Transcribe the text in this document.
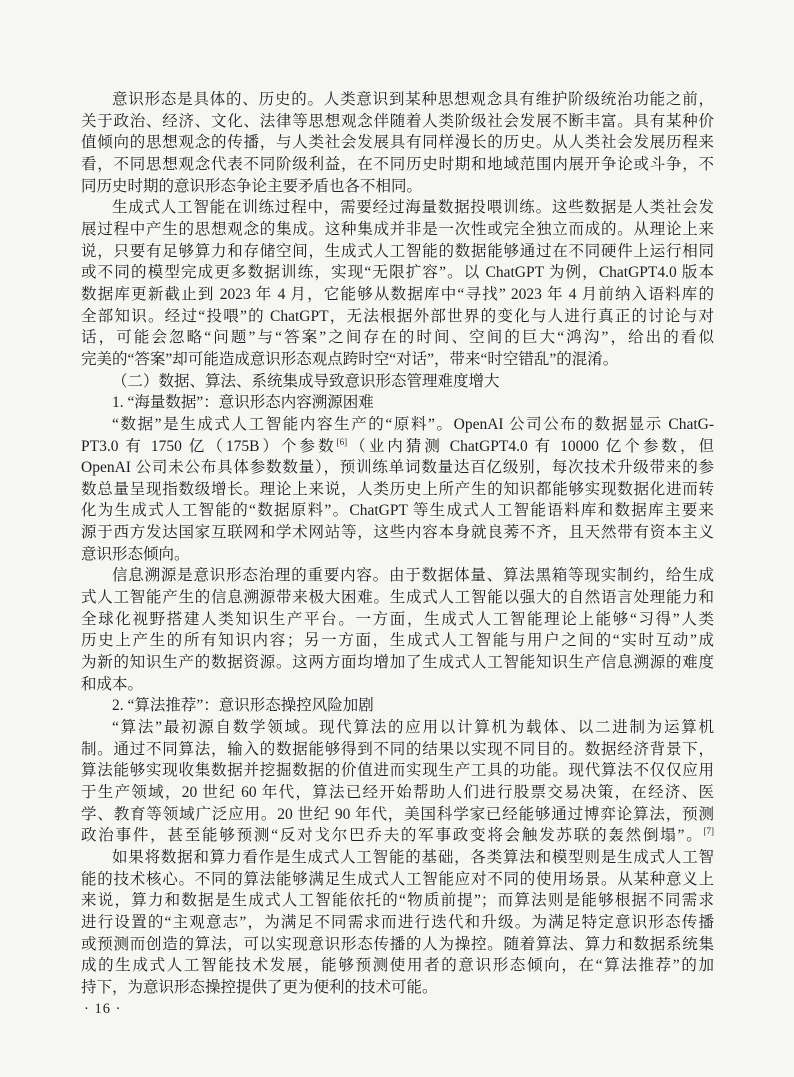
意识形态是具体的、历史的。人类意识到某种思想观念具有维护阶级统治功能之前，
关于政治、经济、文化、法律等思想观念伴随着人类阶级社会发展不断丰富。具有某种价
值倾向的思想观念的传播，与人类社会发展具有同样漫长的历史。从人类社会发展历程来
看，不同思想观念代表不同阶级利益，在不同历史时期和地域范围内展开争论或斗争，不
同历史时期的意识形态争论主要矛盾也各不相同。
生成式人工智能在训练过程中，需要经过海量数据投喂训练。这些数据是人类社会发
展过程中产生的思想观念的集成。这种集成并非是一次性或完全独立而成的。从理论上来
说，只要有足够算力和存储空间，生成式人工智能的数据能够通过在不同硬件上运行相同
或不同的模型完成更多数据训练，实现“无限扩容”。以 ChatGPT 为例，ChatGPT4.0 版本
数据库更新截止到 2023 年 4 月，它能够从数据库中“寻找” 2023 年 4 月前纳入语料库的
全部知识。经过“投喂”的 ChatGPT，无法根据外部世界的变化与人进行真正的讨论与对
话，可能会忽略“问题”与“答案”之间存在的时间、空间的巨大“鸿沟”，给出的看似
完美的“答案”却可能造成意识形态观点跨时空“对话”，带来“时空错乱”的混淆。
（二）数据、算法、系统集成导致意识形态管理难度增大
1. “海量数据”：意识形态内容溯源困难
“数据”是生成式人工智能内容生产的“原料”。OpenAI 公司公布的数据显示 ChatG-
PT3.0 有 1750 亿（175B）个参数[6]（业内猜测 ChatGPT4.0 有 10000 亿个参数，但
OpenAI 公司未公布具体参数数量），预训练单词数量达百亿级别，每次技术升级带来的参
数总量呈现指数级增长。理论上来说，人类历史上所产生的知识都能够实现数据化进而转
化为生成式人工智能的“数据原料”。ChatGPT 等生成式人工智能语料库和数据库主要来
源于西方发达国家互联网和学术网站等，这些内容本身就良莠不齐，且天然带有资本主义
意识形态倾向。
信息溯源是意识形态治理的重要内容。由于数据体量、算法黑箱等现实制约，给生成
式人工智能产生的信息溯源带来极大困难。生成式人工智能以强大的自然语言处理能力和
全球化视野搭建人类知识生产平台。一方面，生成式人工智能理论上能够“习得”人类
历史上产生的所有知识内容；另一方面，生成式人工智能与用户之间的“实时互动”成
为新的知识生产的数据资源。这两方面均增加了生成式人工智能知识生产信息溯源的难度
和成本。
2. “算法推荐”：意识形态操控风险加剧
“算法”最初源自数学领域。现代算法的应用以计算机为载体、以二进制为运算机
制。通过不同算法，输入的数据能够得到不同的结果以实现不同目的。数据经济背景下，
算法能够实现收集数据并挖掘数据的价值进而实现生产工具的功能。现代算法不仅仅应用
于生产领域，20 世纪 60 年代，算法已经开始帮助人们进行股票交易决策，在经济、医
学、教育等领域广泛应用。20 世纪 90 年代，美国科学家已经能够通过博弈论算法，预测
政治事件，甚至能够预测“反对戈尔巴乔夫的军事政变将会触发苏联的轰然倒塌”。[7]
如果将数据和算力看作是生成式人工智能的基础，各类算法和模型则是生成式人工智
能的技术核心。不同的算法能够满足生成式人工智能应对不同的使用场景。从某种意义上
来说，算力和数据是生成式人工智能依托的“物质前提”；而算法则是能够根据不同需求
进行设置的“主观意志”，为满足不同需求而进行迭代和升级。为满足特定意识形态传播
或预测而创造的算法，可以实现意识形态传播的人为操控。随着算法、算力和数据系统集
成的生成式人工智能技术发展，能够预测使用者的意识形态倾向，在“算法推荐”的加
持下，为意识形态操控提供了更为便利的技术可能。
· 16 ·
